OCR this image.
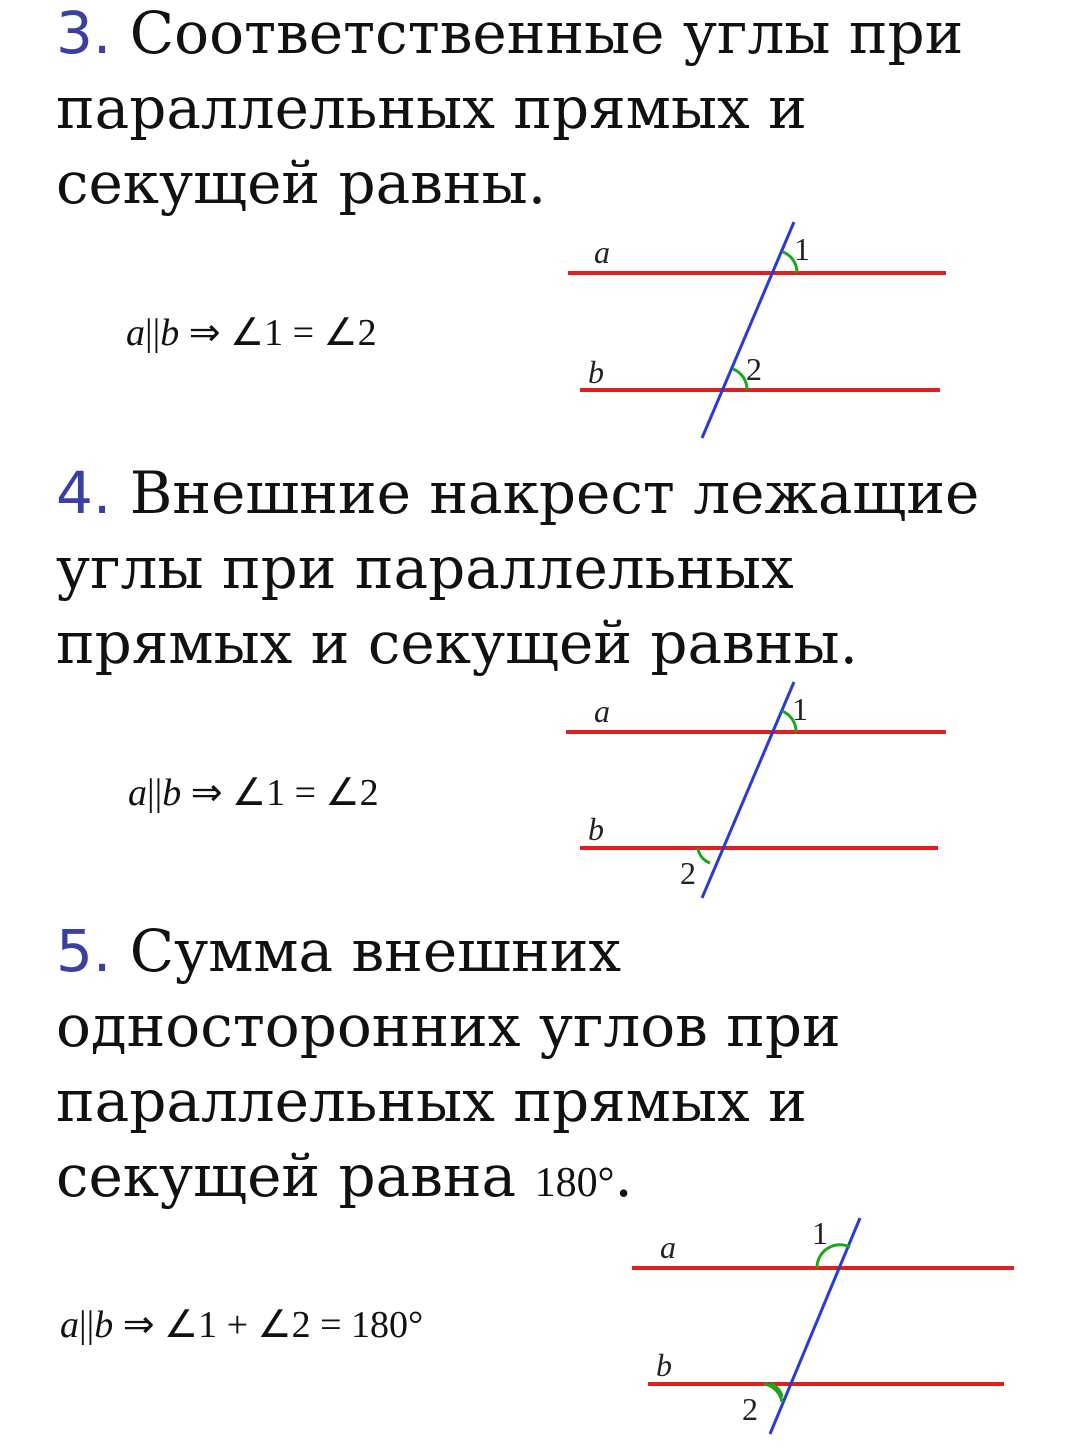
3. Соответственные углы при
параллельных прямых и
секущей равны.
a||b ⇒ ∠1 = ∠2
a
b
1
2
4. Внешние накрест лежащие
углы при параллельных
прямых и секущей равны.
a||b ⇒ ∠1 = ∠2
a
b
1
2
5. Сумма внешних
односторонних углов при
параллельных прямых и
секущей равна 180°.
a||b ⇒ ∠1 + ∠2 = 180°
a
b
1
2
